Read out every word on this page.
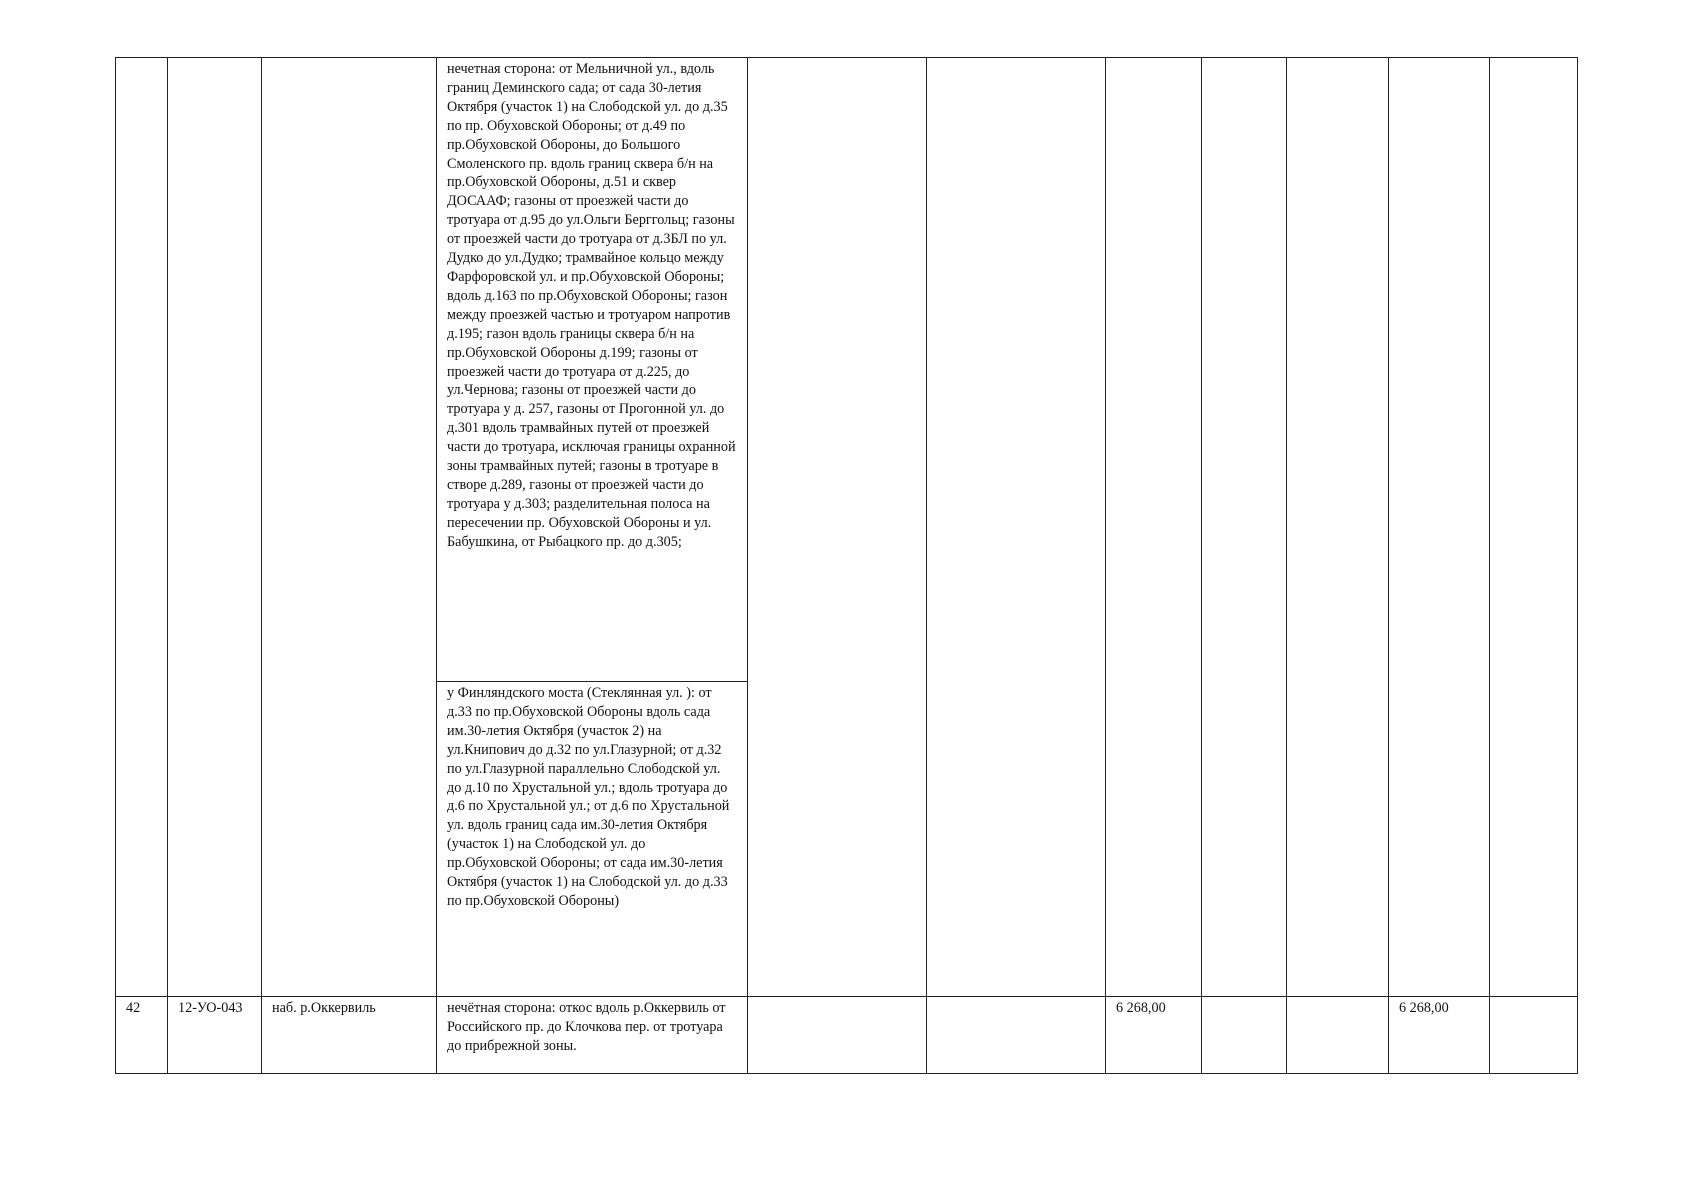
			нечетная сторона: от Мельничной ул., вдоль границ Деминского сада; от сада 30-летия Октября (участок 1) на Слободской ул. до д.35 по пр. Обуховской Обороны; от д.49 по пр.Обуховской Обороны, до Большого Смоленского пр. вдоль границ сквера б/н на пр.Обуховской Обороны, д.51 и сквер ДОСААФ; газоны от проезжей части до тротуара от д.95 до ул.Ольги Берггольц; газоны от проезжей части до тротуара от д.3БЛ по ул. Дудко до ул.Дудко; трамвайное кольцо между Фарфоровской ул. и пр.Обуховской Обороны; вдоль д.163 по пр.Обуховской Обороны; газон между проезжей частью и тротуаром напротив д.195; газон вдоль границы сквера б/н на пр.Обуховской Обороны д.199; газоны от проезжей части до тротуара от д.225, до ул.Чернова; газоны от проезжей части до тротуара у д. 257, газоны от Прогонной ул. до д.301 вдоль трамвайных путей от проезжей части до тротуара, исключая границы охранной зоны трамвайных путей; газоны в тротуаре в створе д.289, газоны от проезжей части до тротуара у д.303; разделительная полоса на пересечении пр. Обуховской Обороны и ул. Бабушкина, от Рыбацкого пр. до д.305;							
			у Финляндского моста (Стеклянная ул. ): от д.33 по пр.Обуховской Обороны вдоль сада им.30-летия Октября (участок 2) на ул.Книпович до д.32 по ул.Глазурной; от д.32 по ул.Глазурной параллельно Слободской ул. до д.10 по Хрустальной ул.; вдоль тротуара до д.6 по Хрустальной ул.; от д.6 по Хрустальной ул. вдоль границ сада им.30-летия Октября (участок 1) на Слободской ул. до пр.Обуховской Обороны; от сада им.30-летия Октября (участок 1) на Слободской ул. до д.33 по пр.Обуховской Обороны)							
42	12-УО-043	наб. р.Оккервиль	нечётная сторона: откос вдоль р.Оккервиль от Российского пр. до Клочкова пер. от тротуара до прибрежной зоны.			6 268,00			6 268,00	
